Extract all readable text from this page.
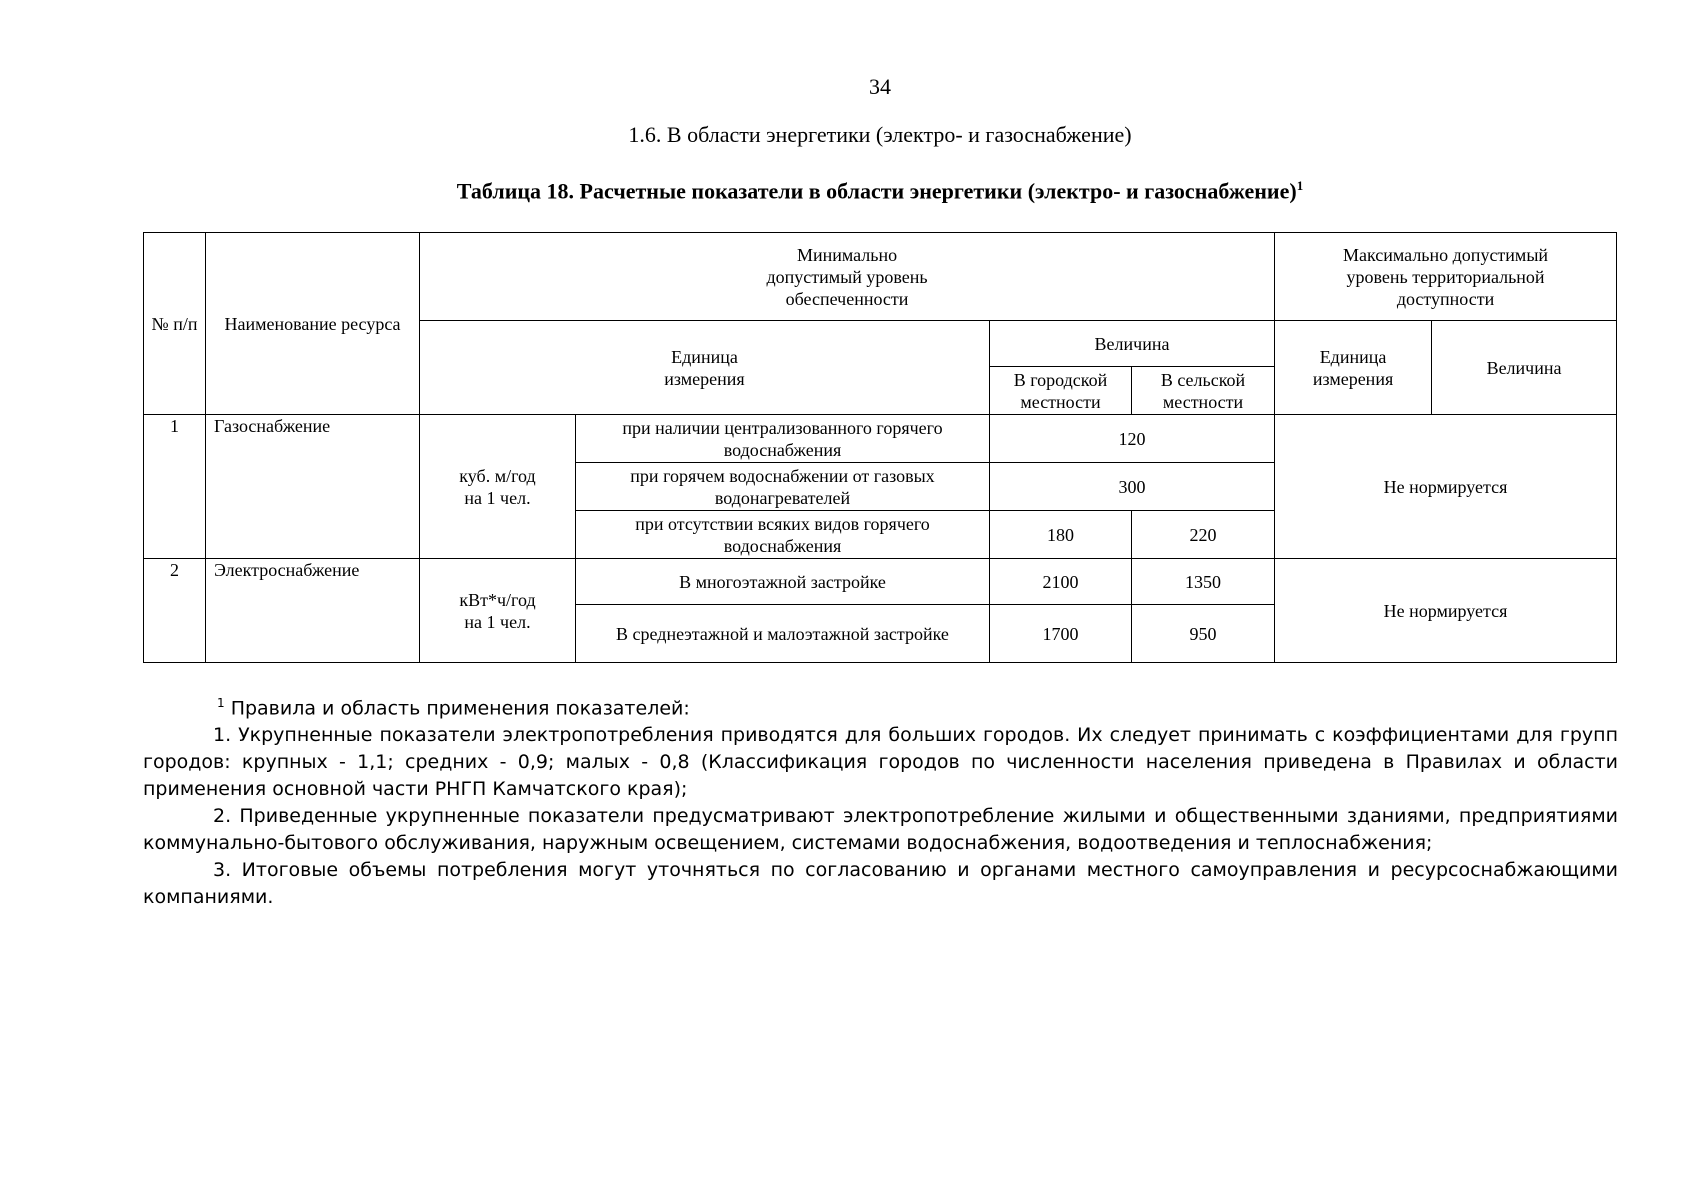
34
1.6. В области энергетики (электро- и газоснабжение)
Таблица 18. Расчетные показатели в области энергетики (электро- и газоснабжение)$^1$
№ п/п	Наименование ресурса	Минимально допустимый уровень обеспеченности				Максимально допустимый уровень территориальной доступности	
		Единица измерения		Величина		Единица измерения	Величина
				В городской местности	В сельской местности		
1	Газоснабжение	куб. м/год на 1 чел.	при наличии централизованного горячего водоснабжения	120		Не нормируется	
			при горячем водоснабжении от газовых водонагревателей	300			
			при отсутствии всяких видов горячего водоснабжения	180	220		
2	Электроснабжение	кВт*ч/год на 1 чел.	В многоэтажной застройке	2100	1350	Не нормируется	
			В среднеэтажной и малоэтажной застройке	1700	950		

$^1$ Правила и область применения показателей:

1. Укрупненные показатели электропотребления приводятся для больших городов. Их следует принимать с коэффициентами для групп городов: крупных - 1,1; средних - 0,9; малых - 0,8 (Классификация городов по численности населения приведена в Правилах и области применения основной части РНГП Камчатского края);

2. Приведенные укрупненные показатели предусматривают электропотребление жилыми и общественными зданиями, предприятиями коммунально-бытового обслуживания, наружным освещением, системами водоснабжения, водоотведения и теплоснабжения;

3. Итоговые объемы потребления могут уточняться по согласованию и органами местного самоуправления и ресурсоснабжающими компаниями.
